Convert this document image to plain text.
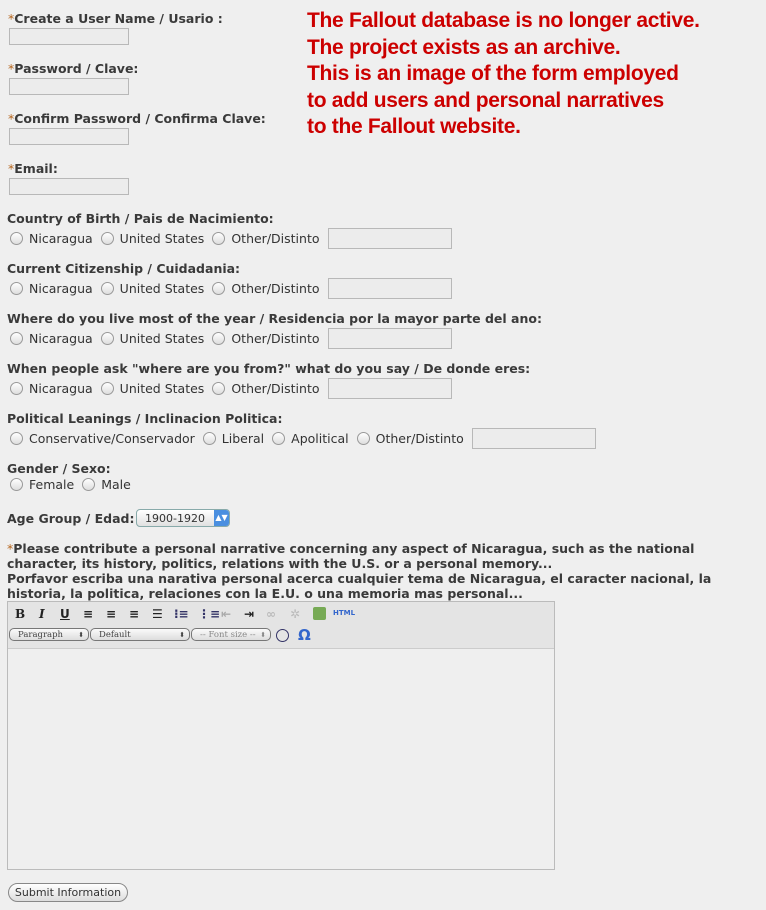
The Fallout database is no longer active.
The project exists as an archive.
This is an image of the form employed
to add users and personal narratives
to the Fallout website.
*Create a User Name / Usario :
*Password / Clave:
*Confirm Password / Confirma Clave:
*Email:
Country of Birth / Pais de Nacimiento:
Nicaragua United States Other/Distinto
Current Citizenship / Cuidadania:
Nicaragua United States Other/Distinto
Where do you live most of the year / Residencia por la mayor parte del ano:
Nicaragua United States Other/Distinto
When people ask "where are you from?" what do you say / De donde eres:
Nicaragua United States Other/Distinto
Political Leanings / Inclinacion Politica:
Conservative/Conservador Liberal Apolitical Other/Distinto
Gender / Sexo:
Female Male
Age Group / Edad: 1900-1920 ▲▼
*Please contribute a personal narrative concerning any aspect of Nicaragua, such as the national character, its history, politics, relations with the U.S. or a personal memory...
Porfavor escriba una narativa personal acerca cualquier tema de Nicaragua, el caracter nacional, la historia, la politica, relaciones con la E.U. o una memoria mas personal...
B I U ≡ ≡ ≡ ☰ ⁝≡ ⋮≡ ⇤ ⇥ ∞ ✲	HTML
Paragraph ⬍	Default	⬍	-- Font size -- ⬍ Ω
Submit Information
